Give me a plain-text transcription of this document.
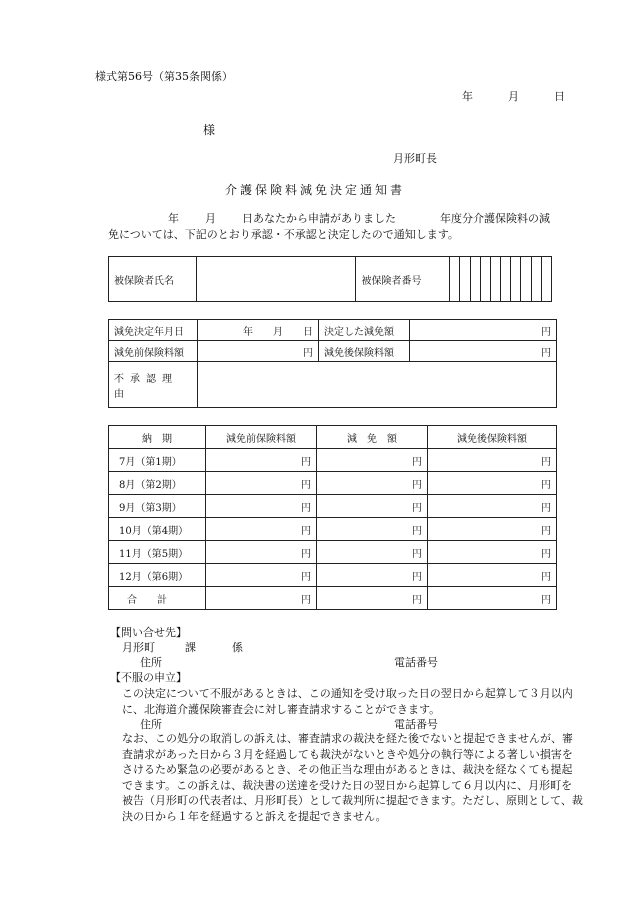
様式第56号（第35条関係）
年	月	日
様
月形町長
介護保険料減免決定通知書

年 月 日あなたから申請がありました	年度分介護保険料の減

免については、下記のとおり承認・不承認と決定したので通知します。

被保険者氏名		被保険者番号										
減免決定年月日	年 月 日	決定した減免額	円
減免前保険料額	円	減免後保険料額	円
不承認理由			
納　期	減免前保険料額	減　免　額	減免後保険料額
7月（第1期）	円	円	円
8月（第2期）	円	円	円
9月（第3期）	円	円	円
10月（第4期）	円	円	円
11月（第5期）	円	円	円
12月（第6期）	円	円	円
合計	円	円	円
【問い合せ先】
月形町	課	係
住所	電話番号
【不服の申立】

この決定について不服があるときは、この通知を受け取った日の翌日から起算して３月以内に、北海道介護保険審査会に対し審査請求することができます。

住所	電話番号

なお、この処分の取消しの訴えは、審査請求の裁決を経た後でないと提起できませんが、審査請求があった日から３月を経過しても裁決がないときや処分の執行等による著しい損害をさけるため緊急の必要があるとき、その他正当な理由があるときは、裁決を経なくても提起できます。この訴えは、裁決書の送達を受けた日の翌日から起算して６月以内に、月形町を被告（月形町の代表者は、月形町長）として裁判所に提起できます。ただし、原則として、裁決の日から１年を経過すると訴えを提起できません。
